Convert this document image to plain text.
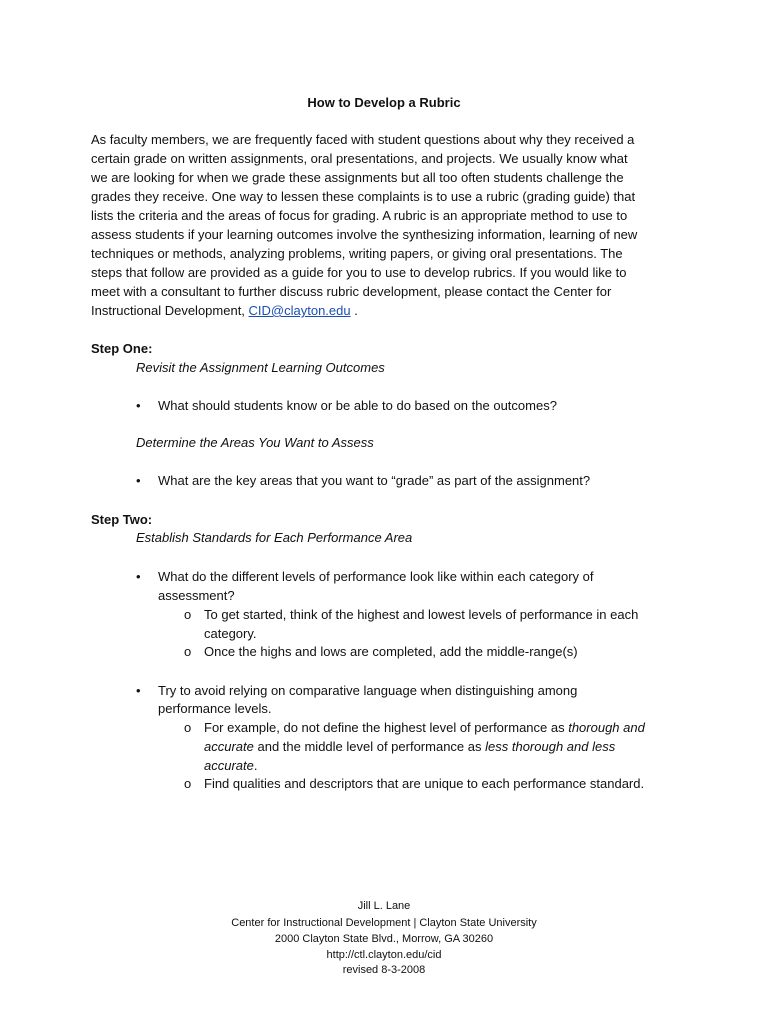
How to Develop a Rubric
As faculty members, we are frequently faced with student questions about why they received a
certain grade on written assignments, oral presentations, and projects. We usually know what
we are looking for when we grade these assignments but all too often students challenge the
grades they receive. One way to lessen these complaints is to use a rubric (grading guide) that
lists the criteria and the areas of focus for grading. A rubric is an appropriate method to use to
assess students if your learning outcomes involve the synthesizing information, learning of new
techniques or methods, analyzing problems, writing papers, or giving oral presentations. The
steps that follow are provided as a guide for you to use to develop rubrics. If you would like to
meet with a consultant to further discuss rubric development, please contact the Center for
Instructional Development, CID@clayton.edu .
Step One:
Revisit the Assignment Learning Outcomes
• What should students know or be able to do based on the outcomes?
Determine the Areas You Want to Assess
• What are the key areas that you want to “grade” as part of the assignment?
Step Two:
Establish Standards for Each Performance Area
• What do the different levels of performance look like within each category of
assessment?
o To get started, think of the highest and lowest levels of performance in each
category.
o Once the highs and lows are completed, add the middle-range(s)
• Try to avoid relying on comparative language when distinguishing among
performance levels.
o For example, do not define the highest level of performance as thorough and
accurate and the middle level of performance as less thorough and less
accurate.
o Find qualities and descriptors that are unique to each performance standard.
Jill L. Lane
Center for Instructional Development | Clayton State University
2000 Clayton State Blvd., Morrow, GA 30260
http://ctl.clayton.edu/cid
revised 8-3-2008
